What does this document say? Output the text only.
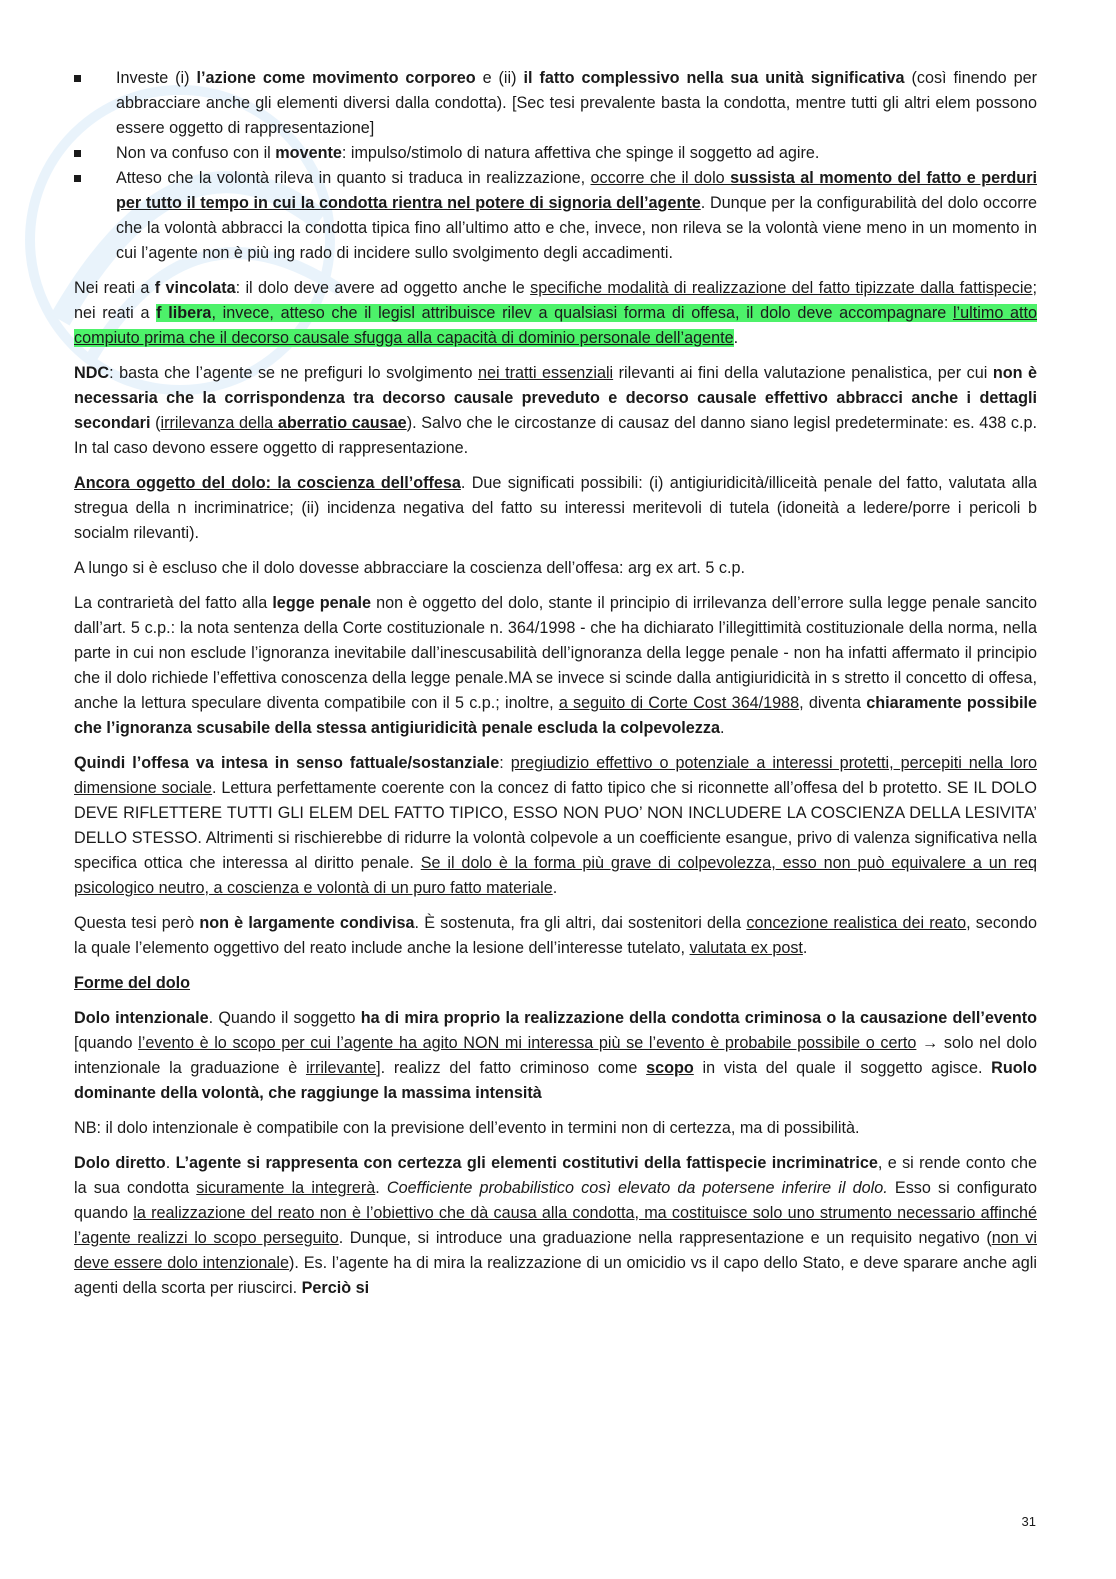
Investe (i) l’azione come movimento corporeo e (ii) il fatto complessivo nella sua unità significativa (così finendo per abbracciare anche gli elementi diversi dalla condotta). [Sec tesi prevalente basta la condotta, mentre tutti gli altri elem possono essere oggetto di rappresentazione]
Non va confuso con il movente: impulso/stimolo di natura affettiva che spinge il soggetto ad agire.
Atteso che la volontà rileva in quanto si traduca in realizzazione, occorre che il dolo sussista al momento del fatto e perduri per tutto il tempo in cui la condotta rientra nel potere di signoria dell’agente. Dunque per la configurabilità del dolo occorre che la volontà abbracci la condotta tipica fino all’ultimo atto e che, invece, non rileva se la volontà viene meno in un momento in cui l’agente non è più ing rado di incidere sullo svolgimento degli accadimenti.

Nei reati a f vincolata: il dolo deve avere ad oggetto anche le specifiche modalità di realizzazione del fatto tipizzate dalla fattispecie; nei reati a f libera, invece, atteso che il legisl attribuisce rilev a qualsiasi forma di offesa, il dolo deve accompagnare l’ultimo atto compiuto prima che il decorso causale sfugga alla capacità di dominio personale dell’agente.

NDC: basta che l’agente se ne prefiguri lo svolgimento nei tratti essenziali rilevanti ai fini della valutazione penalistica, per cui non è necessaria che la corrispondenza tra decorso causale preveduto e decorso causale effettivo abbracci anche i dettagli secondari (irrilevanza della aberratio causae). Salvo che le circostanze di causaz del danno siano legisl predeterminate: es. 438 c.p. In tal caso devono essere oggetto di rappresentazione.

Ancora oggetto del dolo: la coscienza dell’offesa. Due significati possibili: (i) antigiuridicità/illiceità penale del fatto, valutata alla stregua della n incriminatrice; (ii) incidenza negativa del fatto su interessi meritevoli di tutela (idoneità a ledere/porre i pericoli b socialm rilevanti).

A lungo si è escluso che il dolo dovesse abbracciare la coscienza dell’offesa: arg ex art. 5 c.p.

La contrarietà del fatto alla legge penale non è oggetto del dolo, stante il principio di irrilevanza dell’errore sulla legge penale sancito dall’art. 5 c.p.: la nota sentenza della Corte costituzionale n. 364/1998 - che ha dichiarato l’illegittimità costituzionale della norma, nella parte in cui non esclude l’ignoranza inevitabile dall’inescusabilità dell’ignoranza della legge penale - non ha infatti affermato il principio che il dolo richiede l’effettiva conoscenza della legge penale.MA se invece si scinde dalla antigiuridicità in s stretto il concetto di offesa, anche la lettura speculare diventa compatibile con il 5 c.p.; inoltre, a seguito di Corte Cost 364/1988, diventa chiaramente possibile che l’ignoranza scusabile della stessa antigiuridicità penale escluda la colpevolezza.

Quindi l’offesa va intesa in senso fattuale/sostanziale: pregiudizio effettivo o potenziale a interessi protetti, percepiti nella loro dimensione sociale. Lettura perfettamente coerente con la concez di fatto tipico che si riconnette all’offesa del b protetto. SE IL DOLO DEVE RIFLETTERE TUTTI GLI ELEM DEL FATTO TIPICO, ESSO NON PUO’ NON INCLUDERE LA COSCIENZA DELLA LESIVITA’ DELLO STESSO. Altrimenti si rischierebbe di ridurre la volontà colpevole a un coefficiente esangue, privo di valenza significativa nella specifica ottica che interessa al diritto penale. Se il dolo è la forma più grave di colpevolezza, esso non può equivalere a un req psicologico neutro, a coscienza e volontà di un puro fatto materiale.

Questa tesi però non è largamente condivisa. È sostenuta, fra gli altri, dai sostenitori della concezione realistica dei reato, secondo la quale l’elemento oggettivo del reato include anche la lesione dell’interesse tutelato, valutata ex post.

Forme del dolo

Dolo intenzionale. Quando il soggetto ha di mira proprio la realizzazione della condotta criminosa o la causazione dell’evento [quando l’evento è lo scopo per cui l’agente ha agito NON mi interessa più se l’evento è probabile possibile o certo → solo nel dolo intenzionale la graduazione è irrilevante]. realizz del fatto criminoso come scopo in vista del quale il soggetto agisce. Ruolo dominante della volontà, che raggiunge la massima intensità

NB: il dolo intenzionale è compatibile con la previsione dell’evento in termini non di certezza, ma di possibilità.

Dolo diretto. L’agente si rappresenta con certezza gli elementi costitutivi della fattispecie incriminatrice, e si rende conto che la sua condotta sicuramente la integrerà. Coefficiente probabilistico così elevato da potersene inferire il dolo. Esso si configurato quando la realizzazione del reato non è l’obiettivo che dà causa alla condotta, ma costituisce solo uno strumento necessario affinché l’agente realizzi lo scopo perseguito. Dunque, si introduce una graduazione nella rappresentazione e un requisito negativo (non vi deve essere dolo intenzionale). Es. l’agente ha di mira la realizzazione di un omicidio vs il capo dello Stato, e deve sparare anche agli agenti della scorta per riuscirci. Perciò si

31
